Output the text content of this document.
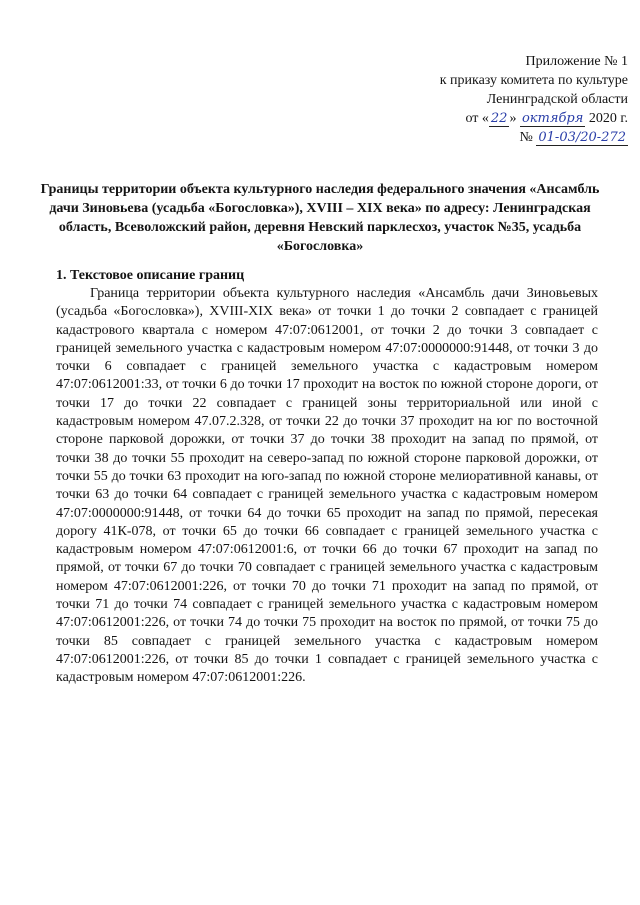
Приложение № 1
к приказу комитета по культуре
Ленинградской области
от « 22 » октября 2020 г.
№ 01-03/20-272
Границы территории объекта культурного наследия федерального значения «Ансамбль дачи Зиновьева (усадьба «Богословка»), XVIII – XIX века» по адресу: Ленинградская область, Всеволожский район, деревня Невский парклесхоз, участок №35, усадьба «Богословка»
1. Текстовое описание границ
Граница территории объекта культурного наследия «Ансамбль дачи Зиновьевых (усадьба «Богословка»), XVIII-XIX века» от точки 1 до точки 2 совпадает с границей кадастрового квартала с номером 47:07:0612001, от точки 2 до точки 3 совпадает с границей земельного участка с кадастровым номером 47:07:0000000:91448, от точки 3 до точки 6 совпадает с границей земельного участка с кадастровым номером 47:07:0612001:33, от точки 6 до точки 17 проходит на восток по южной стороне дороги, от точки 17 до точки 22 совпадает с границей зоны территориальной или иной с кадастровым номером 47.07.2.328, от точки 22 до точки 37 проходит на юг по восточной стороне парковой дорожки, от точки 37 до точки 38 проходит на запад по прямой, от точки 38 до точки 55 проходит на северо-запад по южной стороне парковой дорожки, от точки 55 до точки 63 проходит на юго-запад по южной стороне мелиоративной канавы, от точки 63 до точки 64 совпадает с границей земельного участка с кадастровым номером 47:07:0000000:91448, от точки 64 до точки 65 проходит на запад по прямой, пересекая дорогу 41К-078, от точки 65 до точки 66 совпадает с границей земельного участка с кадастровым номером 47:07:0612001:6, от точки 66 до точки 67 проходит на запад по прямой, от точки 67 до точки 70 совпадает с границей земельного участка с кадастровым номером 47:07:0612001:226, от точки 70 до точки 71 проходит на запад по прямой, от точки 71 до точки 74 совпадает с границей земельного участка с кадастровым номером 47:07:0612001:226, от точки 74 до точки 75 проходит на восток по прямой, от точки 75 до точки 85 совпадает с границей земельного участка с кадастровым номером 47:07:0612001:226, от точки 85 до точки 1 совпадает с границей земельного участка с кадастровым номером 47:07:0612001:226.
